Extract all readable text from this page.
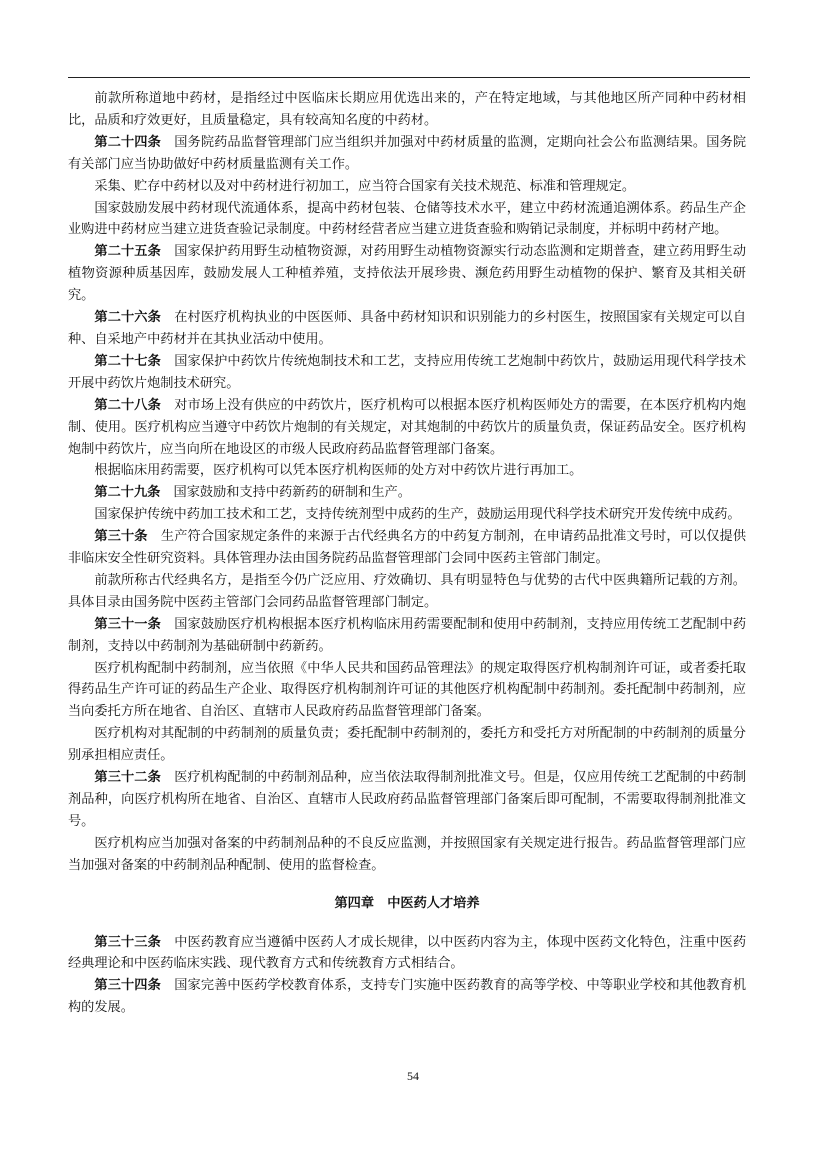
前款所称道地中药材，是指经过中医临床长期应用优选出来的，产在特定地域，与其他地区所产同种中药材相比，品质和疗效更好，且质量稳定，具有较高知名度的中药材。

第二十四条　 国务院药品监督管理部门应当组织并加强对中药材质量的监测，定期向社会公布监测结果。国务院有关部门应当协助做好中药材质量监测有关工作。

采集、贮存中药材以及对中药材进行初加工，应当符合国家有关技术规范、标准和管理规定。

国家鼓励发展中药材现代流通体系，提高中药材包装、仓储等技术水平，建立中药材流通追溯体系。药品生产企业购进中药材应当建立进货查验记录制度。中药材经营者应当建立进货查验和购销记录制度，并标明中药材产地。

第二十五条　 国家保护药用野生动植物资源，对药用野生动植物资源实行动态监测和定期普查，建立药用野生动植物资源种质基因库，鼓励发展人工种植养殖，支持依法开展珍贵、濒危药用野生动植物的保护、繁育及其相关研究。

第二十六条　 在村医疗机构执业的中医医师、具备中药材知识和识别能力的乡村医生，按照国家有关规定可以自种、自采地产中药材并在其执业活动中使用。

第二十七条　 国家保护中药饮片传统炮制技术和工艺，支持应用传统工艺炮制中药饮片，鼓励运用现代科学技术开展中药饮片炮制技术研究。

第二十八条　 对市场上没有供应的中药饮片，医疗机构可以根据本医疗机构医师处方的需要，在本医疗机构内炮制、使用。医疗机构应当遵守中药饮片炮制的有关规定，对其炮制的中药饮片的质量负责，保证药品安全。医疗机构炮制中药饮片，应当向所在地设区的市级人民政府药品监督管理部门备案。

根据临床用药需要，医疗机构可以凭本医疗机构医师的处方对中药饮片进行再加工。

第二十九条　 国家鼓励和支持中药新药的研制和生产。

国家保护传统中药加工技术和工艺，支持传统剂型中成药的生产，鼓励运用现代科学技术研究开发传统中成药。

第三十条　 生产符合国家规定条件的来源于古代经典名方的中药复方制剂，在申请药品批准文号时，可以仅提供非临床安全性研究资料。具体管理办法由国务院药品监督管理部门会同中医药主管部门制定。

前款所称古代经典名方，是指至今仍广泛应用、疗效确切、具有明显特色与优势的古代中医典籍所记载的方剂。具体目录由国务院中医药主管部门会同药品监督管理部门制定。

第三十一条　 国家鼓励医疗机构根据本医疗机构临床用药需要配制和使用中药制剂，支持应用传统工艺配制中药制剂，支持以中药制剂为基础研制中药新药。

医疗机构配制中药制剂，应当依照《中华人民共和国药品管理法》的规定取得医疗机构制剂许可证，或者委托取得药品生产许可证的药品生产企业、取得医疗机构制剂许可证的其他医疗机构配制中药制剂。委托配制中药制剂，应当向委托方所在地省、自治区、直辖市人民政府药品监督管理部门备案。

医疗机构对其配制的中药制剂的质量负责；委托配制中药制剂的，委托方和受托方对所配制的中药制剂的质量分别承担相应责任。

第三十二条　 医疗机构配制的中药制剂品种，应当依法取得制剂批准文号。但是，仅应用传统工艺配制的中药制剂品种，向医疗机构所在地省、自治区、直辖市人民政府药品监督管理部门备案后即可配制，不需要取得制剂批准文号。

医疗机构应当加强对备案的中药制剂品种的不良反应监测，并按照国家有关规定进行报告。药品监督管理部门应当加强对备案的中药制剂品种配制、使用的监督检查。

第四章　中医药人才培养

第三十三条　 中医药教育应当遵循中医药人才成长规律，以中医药内容为主，体现中医药文化特色，注重中医药经典理论和中医药临床实践、现代教育方式和传统教育方式相结合。

第三十四条　 国家完善中医药学校教育体系，支持专门实施中医药教育的高等学校、中等职业学校和其他教育机构的发展。

54
